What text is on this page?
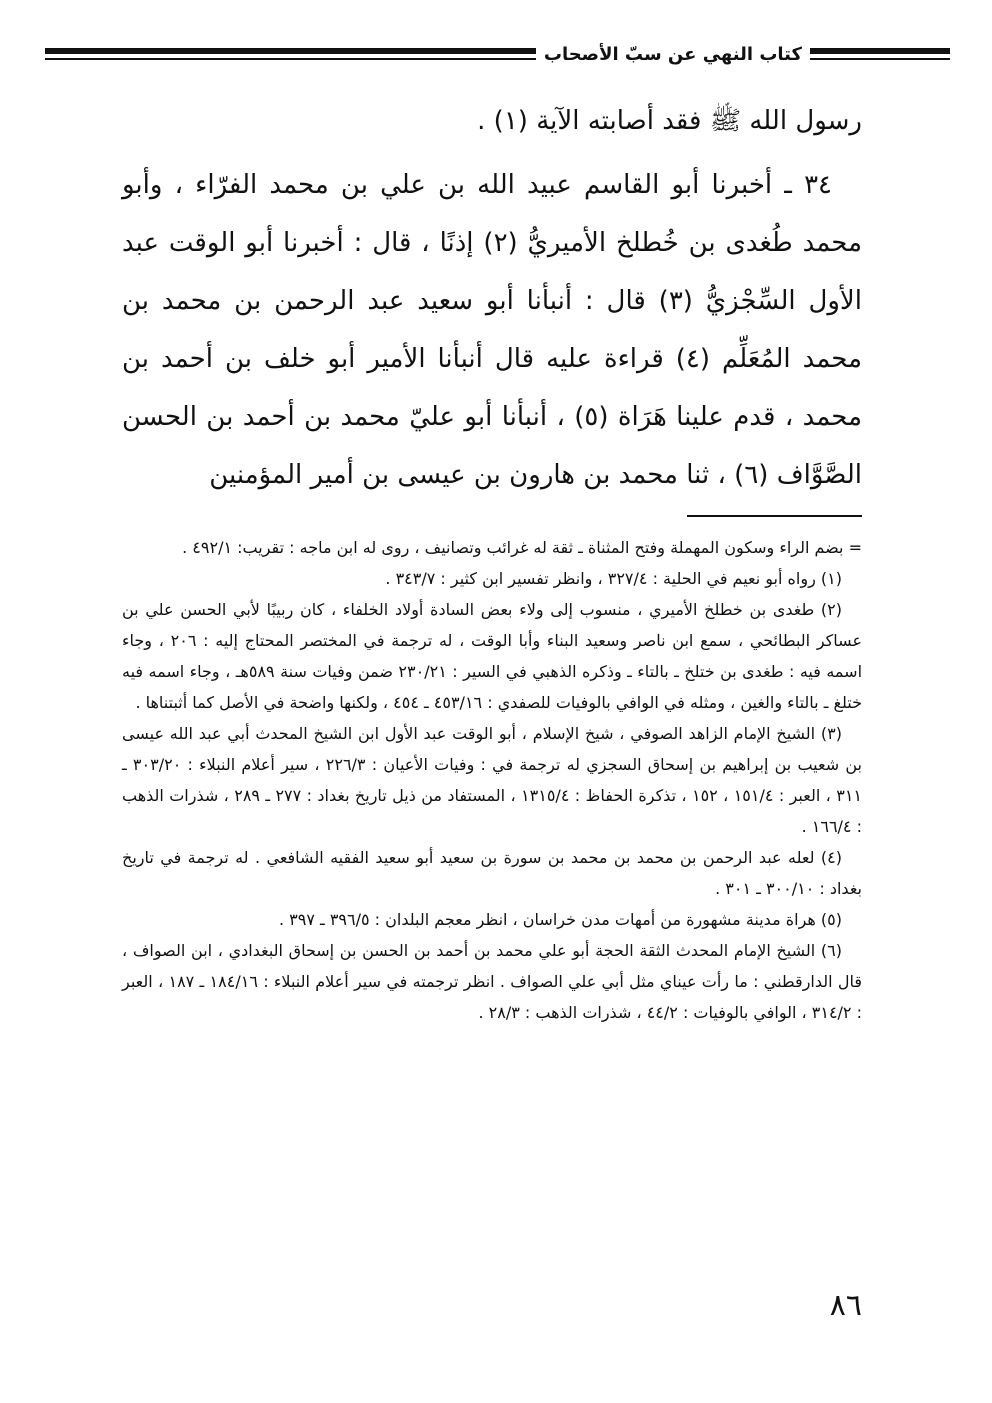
كتاب النهي عن سبّ الأصحاب

رسول الله ﷺ فقد أصابته الآية (١) .

٣٤ ـ أخبرنا أبو القاسم عبيد الله بن علي بن محمد الفرّاء ، وأبو محمد طُغدى بن خُطلخ الأميريُّ (٢) إذنًا ، قال : أخبرنا أبو الوقت عبد الأول السِّجْزيُّ (٣) قال : أنبأنا أبو سعيد عبد الرحمن بن محمد بن محمد المُعَلِّم (٤) قراءة عليه قال أنبأنا الأمير أبو خلف بن أحمد بن محمد ، قدم علينا هَرَاة (٥) ، أنبأنا أبو عليّ محمد بن أحمد بن الحسن الصَّوَّاف (٦) ، ثنا محمد بن هارون بن عيسى بن أمير المؤمنين

= بضم الراء وسكون المهملة وفتح المثناة ـ ثقة له غرائب وتصانيف ، روى له ابن ماجه : تقريب: ٤٩٢/١ .

(١) رواه أبو نعيم في الحلية : ٣٢٧/٤ ، وانظر تفسير ابن كثير : ٣٤٣/٧ .

(٢) طغدى بن خطلخ الأميري ، منسوب إلى ولاء بعض السادة أولاد الخلفاء ، كان ربيبًا لأبي الحسن علي بن عساكر البطائحي ، سمع ابن ناصر وسعيد البناء وأبا الوقت ، له ترجمة في المختصر المحتاج إليه : ٢٠٦ ، وجاء اسمه فيه : طغدى بن ختلخ ـ بالتاء ـ وذكره الذهبي في السير : ٢٣٠/٢١ ضمن وفيات سنة ٥٨٩هـ ، وجاء اسمه فيه ختلغ ـ بالتاء والغين ، ومثله في الوافي بالوفيات للصفدي : ٤٥٣/١٦ ـ ٤٥٤ ، ولكنها واضحة في الأصل كما أثبتناها .

(٣) الشيخ الإمام الزاهد الصوفي ، شيخ الإسلام ، أبو الوقت عبد الأول ابن الشيخ المحدث أبي عبد الله عيسى بن شعيب بن إبراهيم بن إسحاق السجزي له ترجمة في : وفيات الأعيان : ٢٢٦/٣ ، سير أعلام النبلاء : ٣٠٣/٢٠ ـ ٣١١ ، العبر : ١٥١/٤ ، ١٥٢ ، تذكرة الحفاظ : ١٣١٥/٤ ، المستفاد من ذيل تاريخ بغداد : ٢٧٧ ـ ٢٨٩ ، شذرات الذهب : ١٦٦/٤ .

(٤) لعله عبد الرحمن بن محمد بن محمد بن سورة بن سعيد أبو سعيد الفقيه الشافعي . له ترجمة في تاريخ بغداد : ٣٠٠/١٠ ـ ٣٠١ .

(٥) هراة مدينة مشهورة من أمهات مدن خراسان ، انظر معجم البلدان : ٣٩٦/٥ ـ ٣٩٧ .

(٦) الشيخ الإمام المحدث الثقة الحجة أبو علي محمد بن أحمد بن الحسن بن إسحاق البغدادي ، ابن الصواف ، قال الدارقطني : ما رأت عيناي مثل أبي علي الصواف . انظر ترجمته في سير أعلام النبلاء : ١٨٤/١٦ ـ ١٨٧ ، العبر : ٣١٤/٢ ، الوافي بالوفيات : ٤٤/٢ ، شذرات الذهب : ٢٨/٣ .

٨٦
